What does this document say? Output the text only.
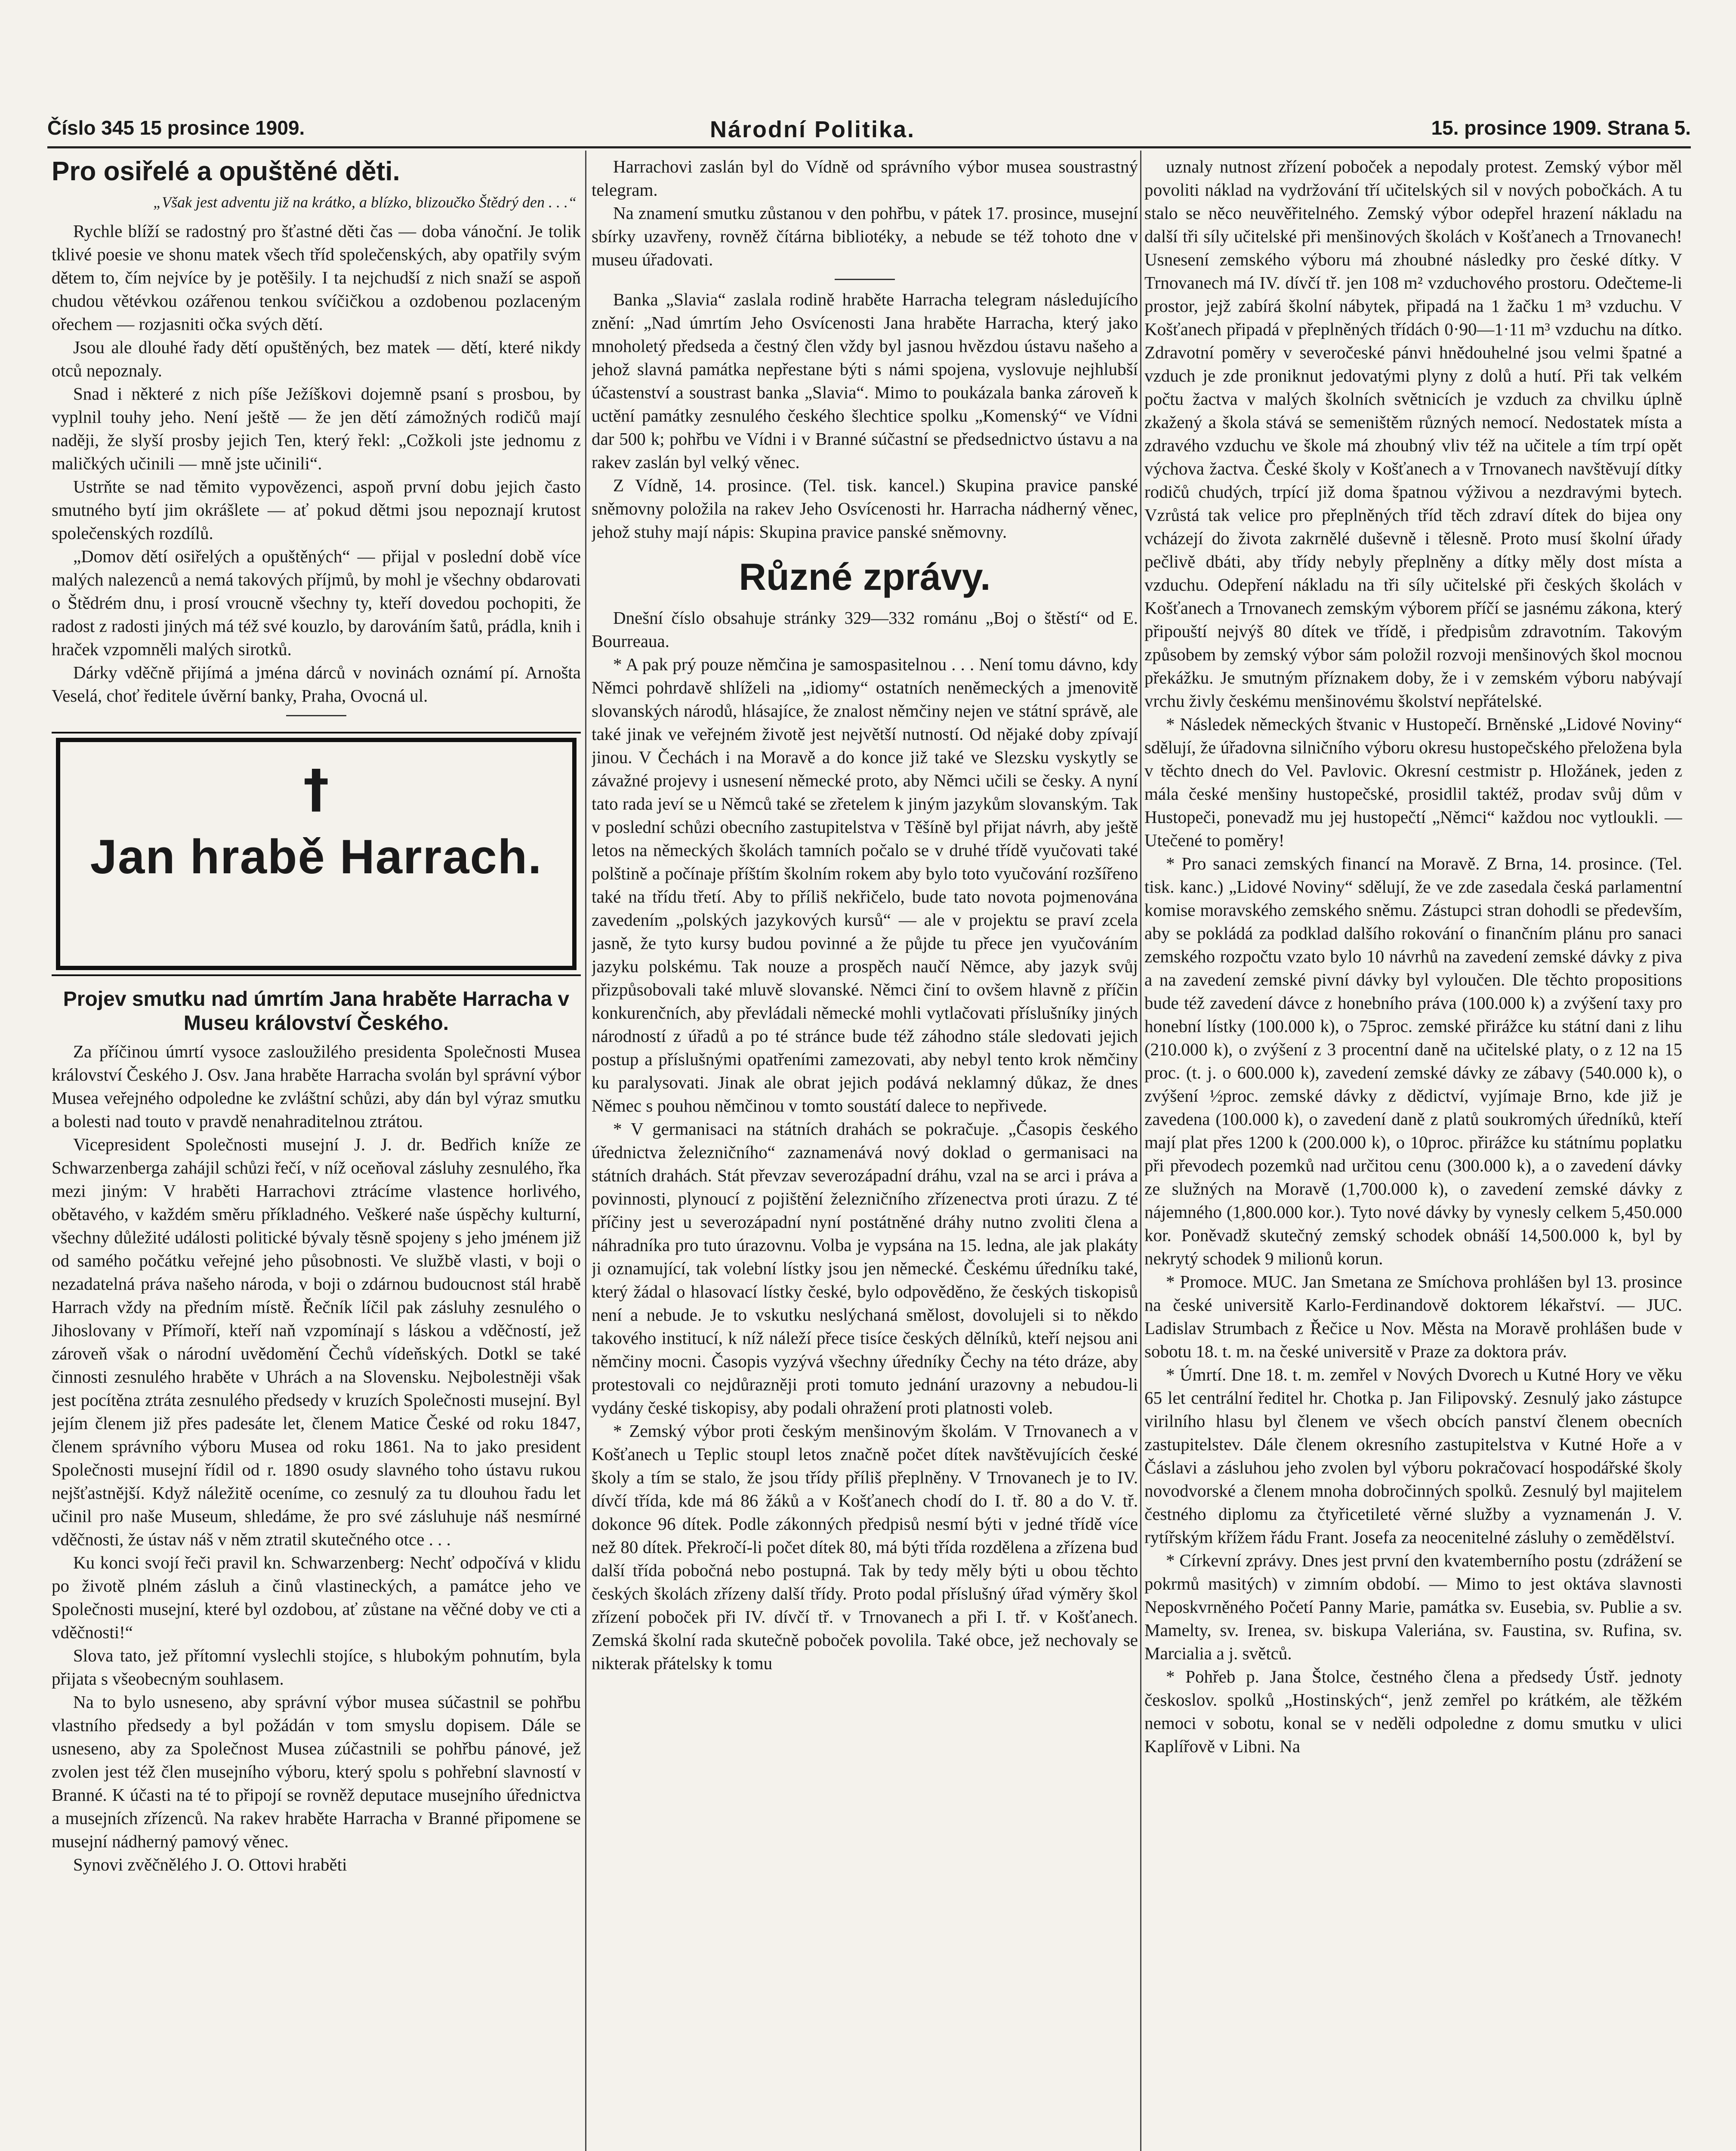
Číslo 345 15 prosince 1909.	Národní Politika.	15. prosince 1909. Strana 5.
Pro osiřelé a opuštěné děti.
„Však jest adventu již na krátko, a blízko, blizoučko Štědrý den . . .“

Rychle blíží se radostný pro šťastné děti čas — doba vánoční. Je tolik tklivé poesie ve shonu matek všech tříd společenských, aby opatřily svým dětem to, čím nejvíce by je potěšily. I ta nejchudší z nich snaží se aspoň chudou větévkou ozářenou tenkou svíčičkou a ozdobenou pozlaceným ořechem — rozjasniti očka svých dětí.

Jsou ale dlouhé řady dětí opuštěných, bez matek — dětí, které nikdy otců nepoznaly.

Snad i některé z nich píše Ježíškovi dojemně psaní s prosbou, by vyplnil touhy jeho. Není ještě — že jen dětí zámožných rodičů mají naději, že slyší prosby jejich Ten, který řekl: „Cožkoli jste jednomu z maličkých učinili — mně jste učinili“.

Ustrňte se nad těmito vypovězenci, aspoň první dobu jejich často smutného bytí jim okrášlete — ať pokud dětmi jsou nepoznají krutost společenských rozdílů.

„Domov dětí osiřelých a opuštěných“ — přijal v poslední době více malých nalezenců a nemá takových příjmů, by mohl je všechny obdarovati o Štědrém dnu, i prosí vroucně všechny ty, kteří dovedou pochopiti, že radost z radosti jiných má též své kouzlo, by darováním šatů, prádla, knih i hraček vzpomněli malých sirotků.

Dárky vděčně přijímá a jména dárců v novinách oznámí pí. Arnošta Veselá, choť ředitele úvěrní banky, Praha, Ovocná ul.

†
Jan hrabě Harrach.
Projev smutku nad úmrtím Jana hraběte Harracha v Museu království Českého.

Za příčinou úmrtí vysoce zasloužilého presidenta Společnosti Musea království Českého J. Osv. Jana hraběte Harracha svolán byl správní výbor Musea veřejného odpoledne ke zvláštní schůzi, aby dán byl výraz smutku a bolesti nad touto v pravdě nenahraditelnou ztrátou.

Vicepresident Společnosti musejní J. J. dr. Bedřich kníže ze Schwarzenberga zahájil schůzi řečí, v níž oceňoval zásluhy zesnulého, řka mezi jiným: V hraběti Harrachovi ztrácíme vlastence horlivého, obětavého, v každém směru příkladného. Veškeré naše úspěchy kulturní, všechny důležité události politické bývaly těsně spojeny s jeho jménem již od samého počátku veřejné jeho působnosti. Ve službě vlasti, v boji o nezadatelná práva našeho národa, v boji o zdárnou budoucnost stál hrabě Harrach vždy na předním místě. Řečník líčil pak zásluhy zesnulého o Jihoslovany v Přímoří, kteří naň vzpomínají s láskou a vděčností, jež zároveň však o národní uvědomění Čechů vídeňských. Dotkl se také činnosti zesnulého hraběte v Uhrách a na Slovensku. Nejbolestněji však jest pocítěna ztráta zesnulého předsedy v kruzích Společnosti musejní. Byl jejím členem již přes padesáte let, členem Matice České od roku 1847, členem správního výboru Musea od roku 1861. Na to jako president Společnosti musejní řídil od r. 1890 osudy slavného toho ústavu rukou nejšťastnější. Když náležitě oceníme, co zesnulý za tu dlouhou řadu let učinil pro naše Museum, shledáme, že pro své zásluhuje náš nesmírné vděčnosti, že ústav náš v něm ztratil skutečného otce . . .

Ku konci svojí řeči pravil kn. Schwarzenberg: Nechť odpočívá v klidu po životě plném zásluh a činů vlastineckých, a památce jeho ve Společnosti musejní, které byl ozdobou, ať zůstane na věčné doby ve cti a vděčnosti!“

Slova tato, jež přítomní vyslechli stojíce, s hlubokým pohnutím, byla přijata s všeobecným souhlasem.

Na to bylo usneseno, aby správní výbor musea súčastnil se pohřbu vlastního předsedy a byl požádán v tom smyslu dopisem. Dále se usneseno, aby za Společnost Musea zúčastnili se pohřbu pánové, jež zvolen jest též člen musejního výboru, který spolu s pohřební slavností v Branné. K účasti na té to připojí se rovněž deputace musejního úřednictva a musejních zřízenců. Na rakev hraběte Harracha v Branné připomene se musejní nádherný pamový věnec.

Synovi zvěčnělého J. O. Ottovi hraběti

Harrachovi zaslán byl do Vídně od správního výbor musea soustrastný telegram.

Na znamení smutku zůstanou v den pohřbu, v pátek 17. prosince, musejní sbírky uzavřeny, rovněž čítárna bibliotéky, a nebude se též tohoto dne v museu úřadovati.

Banka „Slavia“ zaslala rodině hraběte Harracha telegram následujícího znění: „Nad úmrtím Jeho Osvícenosti Jana hraběte Harracha, který jako mnoholetý předseda a čestný člen vždy byl jasnou hvězdou ústavu našeho a jehož slavná památka nepřestane býti s námi spojena, vyslovuje nejhlubší účastenství a soustrast banka „Slavia“. Mimo to poukázala banka zároveň k uctění památky zesnulého českého šlechtice spolku „Komenský“ ve Vídni dar 500 k; pohřbu ve Vídni i v Branné súčastní se předsednictvo ústavu a na rakev zaslán byl velký věnec.

Z Vídně, 14. prosince. (Tel. tisk. kancel.) Skupina pravice panské sněmovny položila na rakev Jeho Osvícenosti hr. Harracha nádherný věnec, jehož stuhy mají nápis: Skupina pravice panské sněmovny.

Různé zprávy.

Dnešní číslo obsahuje stránky 329—332 románu „Boj o štěstí“ od E. Bourreaua.

* A pak prý pouze němčina je samospasitelnou . . . Není tomu dávno, kdy Němci pohrdavě shlíželi na „idiomy“ ostatních neněmeckých a jmenovitě slovanských národů, hlásajíce, že znalost němčiny nejen ve státní správě, ale také jinak ve veřejném životě jest největší nutností. Od nějaké doby zpívají jinou. V Čechách i na Moravě a do konce již také ve Slezsku vyskytly se závažné projevy i usnesení německé proto, aby Němci učili se česky. A nyní tato rada jeví se u Němců také se zřetelem k jiným jazykům slovanským. Tak v poslední schůzi obecního zastupitelstva v Těšíně byl přijat návrh, aby ještě letos na německých školách tamních počalo se v druhé třídě vyučovati také polštině a počínaje příštím školním rokem aby bylo toto vyučování rozšířeno také na třídu třetí. Aby to příliš nekřičelo, bude tato novota pojmenována zavedením „polských jazykových kursů“ — ale v projektu se praví zcela jasně, že tyto kursy budou povinné a že půjde tu přece jen vyučováním jazyku polskému. Tak nouze a prospěch naučí Němce, aby jazyk svůj přizpůsobovali také mluvě slovanské. Němci činí to ovšem hlavně z příčin konkurenčních, aby převládali německé mohli vytlačovati příslušníky jiných národností z úřadů a po té stránce bude též záhodno stále sledovati jejich postup a příslušnými opatřeními zamezovati, aby nebyl tento krok němčiny ku paralysovati. Jinak ale obrat jejich podává neklamný důkaz, že dnes Němec s pouhou němčinou v tomto soustátí dalece to nepřivede.

* V germanisaci na státních drahách se pokračuje. „Časopis českého úřednictva železničního“ zaznamenává nový doklad o germanisaci na státních drahách. Stát převzav severozápadní dráhu, vzal na se arci i práva a povinnosti, plynoucí z pojištění železničního zřízenectva proti úrazu. Z té příčiny jest u severozápadní nyní postátněné dráhy nutno zvoliti člena a náhradníka pro tuto úrazovnu. Volba je vypsána na 15. ledna, ale jak plakáty ji oznamující, tak volební lístky jsou jen německé. Českému úředníku také, který žádal o hlasovací lístky české, bylo odpověděno, že českých tiskopisů není a nebude. Je to vskutku neslýchaná smělost, dovolujeli si to někdo takového institucí, k níž náleží přece tisíce českých dělníků, kteří nejsou ani němčiny mocni. Časopis vyzývá všechny úředníky Čechy na této dráze, aby protestovali co nejdůrazněji proti tomuto jednání urazovny a nebudou-li vydány české tiskopisy, aby podali ohražení proti platnosti voleb.

* Zemský výbor proti českým menšinovým školám. V Trnovanech a v Košťanech u Teplic stoupl letos značně počet dítek navštěvujících české školy a tím se stalo, že jsou třídy příliš přeplněny. V Trnovanech je to IV. dívčí třída, kde má 86 žáků a v Košťanech chodí do I. tř. 80 a do V. tř. dokonce 96 dítek. Podle zákonných předpisů nesmí býti v jedné třídě více než 80 dítek. Překročí-li počet dítek 80, má býti třída rozdělena a zřízena bud další třída pobočná nebo postupná. Tak by tedy měly býti u obou těchto českých školách zřízeny další třídy. Proto podal příslušný úřad výměry škol zřízení poboček při IV. dívčí tř. v Trnovanech a při I. tř. v Košťanech. Zemská školní rada skutečně poboček povolila. Také obce, jež nechovaly se nikterak přátelsky k tomu

uznaly nutnost zřízení poboček a nepodaly protest. Zemský výbor měl povoliti náklad na vydržování tří učitelských sil v nových pobočkách. A tu stalo se něco neuvěřitelného. Zemský výbor odepřel hrazení nákladu na další tři síly učitelské při menšinových školách v Košťanech a Trnovanech! Usnesení zemského výboru má zhoubné následky pro české dítky. V Trnovanech má IV. dívčí tř. jen 108 m² vzduchového prostoru. Odečteme-li prostor, jejž zabírá školní nábytek, připadá na 1 žačku 1 m³ vzduchu. V Košťanech připadá v přeplněných třídách 0·90—1·11 m³ vzduchu na dítko. Zdravotní poměry v severočeské pánvi hnědouhelné jsou velmi špatné a vzduch je zde proniknut jedovatými plyny z dolů a hutí. Při tak velkém počtu žactva v malých školních světnicích je vzduch za chvilku úplně zkažený a škola stává se semeništěm různých nemocí. Nedostatek místa a zdravého vzduchu ve škole má zhoubný vliv též na učitele a tím trpí opět výchova žactva. České školy v Košťanech a v Trnovanech navštěvují dítky rodičů chudých, trpící již doma špatnou výživou a nezdravými bytech. Vzrůstá tak velice pro přeplněných tříd těch zdraví dítek do bijea ony vcházejí do života zakrnělé duševně i tělesně. Proto musí školní úřady pečlivě dbáti, aby třídy nebyly přeplněny a dítky měly dost místa a vzduchu. Odepření nákladu na tři síly učitelské při českých školách v Košťanech a Trnovanech zemským výborem příčí se jasnému zákona, který připouští nejvýš 80 dítek ve třídě, i předpisům zdravotním. Takovým způsobem by zemský výbor sám položil rozvoji menšinových škol mocnou překážku. Je smutným příznakem doby, že i v zemském výboru nabývají vrchu živly českému menšinovému školství nepřátelské.

* Následek německých štvanic v Hustopečí. Brněnské „Lidové Noviny“ sdělují, že úřadovna silničního výboru okresu hustopečského přeložena byla v těchto dnech do Vel. Pavlovic. Okresní cestmistr p. Hložánek, jeden z mála české menšiny hustopečské, prosidlil taktéž, prodav svůj dům v Hustopeči, ponevadž mu jej hustopečtí „Němci“ každou noc vytloukli. — Utečené to poměry!

* Pro sanaci zemských financí na Moravě. Z Brna, 14. prosince. (Tel. tisk. kanc.) „Lidové Noviny“ sdělují, že ve zde zasedala česká parlamentní komise moravského zemského sněmu. Zástupci stran dohodli se především, aby se pokládá za podklad dalšího rokování o finančním plánu pro sanaci zemského rozpočtu vzato bylo 10 návrhů na zavedení zemské dávky z piva a na zavedení zemské pivní dávky byl vyloučen. Dle těchto propositions bude též zavedení dávce z honebního práva (100.000 k) a zvýšení taxy pro honební lístky (100.000 k), o 75proc. zemské přirážce ku státní dani z lihu (210.000 k), o zvýšení z 3 procentní daně na učitelské platy, o z 12 na 15 proc. (t. j. o 600.000 k), zavedení zemské dávky ze zábavy (540.000 k), o zvýšení ½proc. zemské dávky z dědictví, vyjímaje Brno, kde již je zavedena (100.000 k), o zavedení daně z platů soukromých úředníků, kteří mají plat přes 1200 k (200.000 k), o 10proc. přirážce ku státnímu poplatku při převodech pozemků nad určitou cenu (300.000 k), a o zavedení dávky ze služných na Moravě (1,700.000 k), o zavedení zemské dávky z nájemného (1,800.000 kor.). Tyto nové dávky by vynesly celkem 5,450.000 kor. Poněvadž skutečný zemský schodek obnáší 14,500.000 k, byl by nekrytý schodek 9 milionů korun.

* Promoce. MUC. Jan Smetana ze Smíchova prohlášen byl 13. prosince na české universitě Karlo-Ferdinandově doktorem lékařství. — JUC. Ladislav Strumbach z Řečice u Nov. Města na Moravě prohlášen bude v sobotu 18. t. m. na české universitě v Praze za doktora práv.

* Úmrtí. Dne 18. t. m. zemřel v Nových Dvorech u Kutné Hory ve věku 65 let centrální ředitel hr. Chotka p. Jan Filipovský. Zesnulý jako zástupce virilního hlasu byl členem ve všech obcích panství členem obecních zastupitelstev. Dále členem okresního zastupitelstva v Kutné Hoře a v Čáslavi a zásluhou jeho zvolen byl výboru pokračovací hospodářské školy novodvorské a členem mnoha dobročinných spolků. Zesnulý byl majitelem čestného diplomu za čtyřicetileté věrné služby a vyznamenán J. V. rytířským křížem řádu Frant. Josefa za neocenitelné zásluhy o zemědělství.

* Církevní zprávy. Dnes jest první den kvatemberního postu (zdrážení se pokrmů masitých) v zimním období. — Mimo to jest oktáva slavnosti Neposkvrněného Početí Panny Marie, památka sv. Eusebia, sv. Publie a sv. Mamelty, sv. Ireneа, sv. biskupa Valeriána, sv. Faustina, sv. Rufina, sv. Marcialia a j. světců.

* Pohřeb p. Jana Štolce, čestného člena a předsedy Ústř. jednoty českoslov. spolků „Hostinských“, jenž zemřel po krátkém, ale těžkém nemoci v sobotu, konal se v neděli odpoledne z domu smutku v ulici Kaplířově v Libni. Na
